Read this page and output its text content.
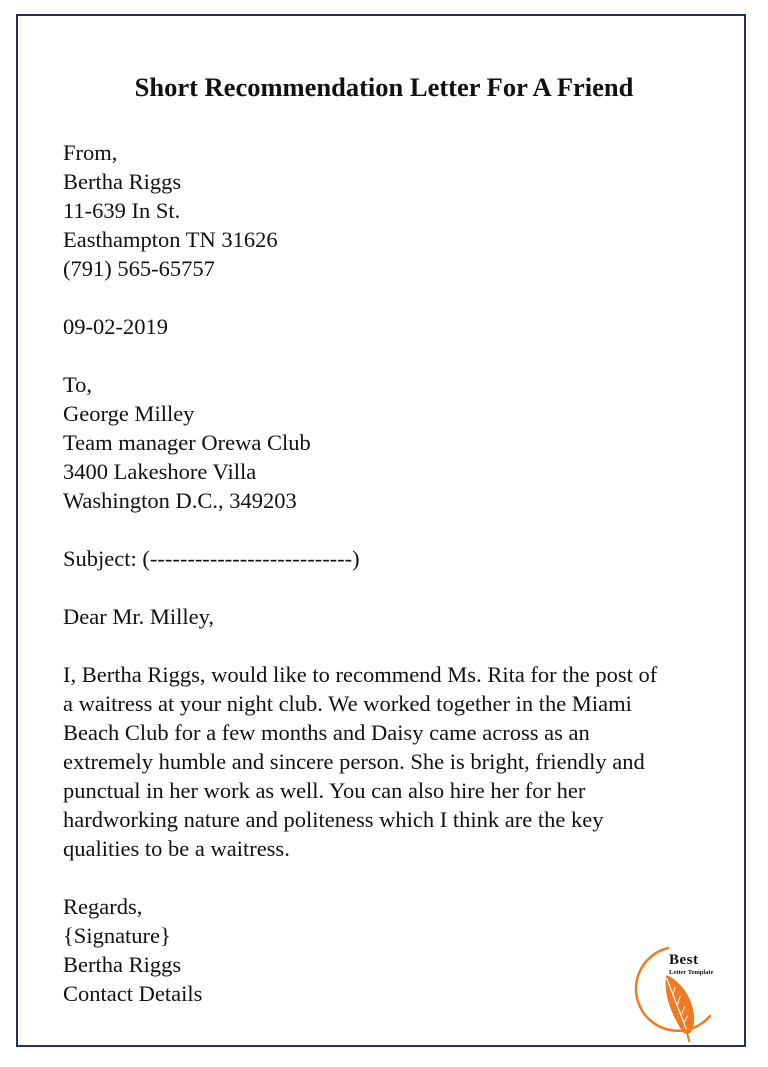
Short Recommendation Letter For A Friend
From,
Bertha Riggs
11-639 In St.
Easthampton TN 31626
(791) 565-65757
09-02-2019
To,
George Milley
Team manager Orewa Club
3400 Lakeshore Villa
Washington D.C., 349203
Subject: (---------------------------)
Dear Mr. Milley,
I, Bertha Riggs, would like to recommend Ms. Rita for the post of
a waitress at your night club. We worked together in the Miami
Beach Club for a few months and Daisy came across as an
extremely humble and sincere person. She is bright, friendly and
punctual in her work as well. You can also hire her for her
hardworking nature and politeness which I think are the key
qualities to be a waitress.
Regards,
{Signature}
Bertha Riggs
Contact Details
Best
Letter Template
